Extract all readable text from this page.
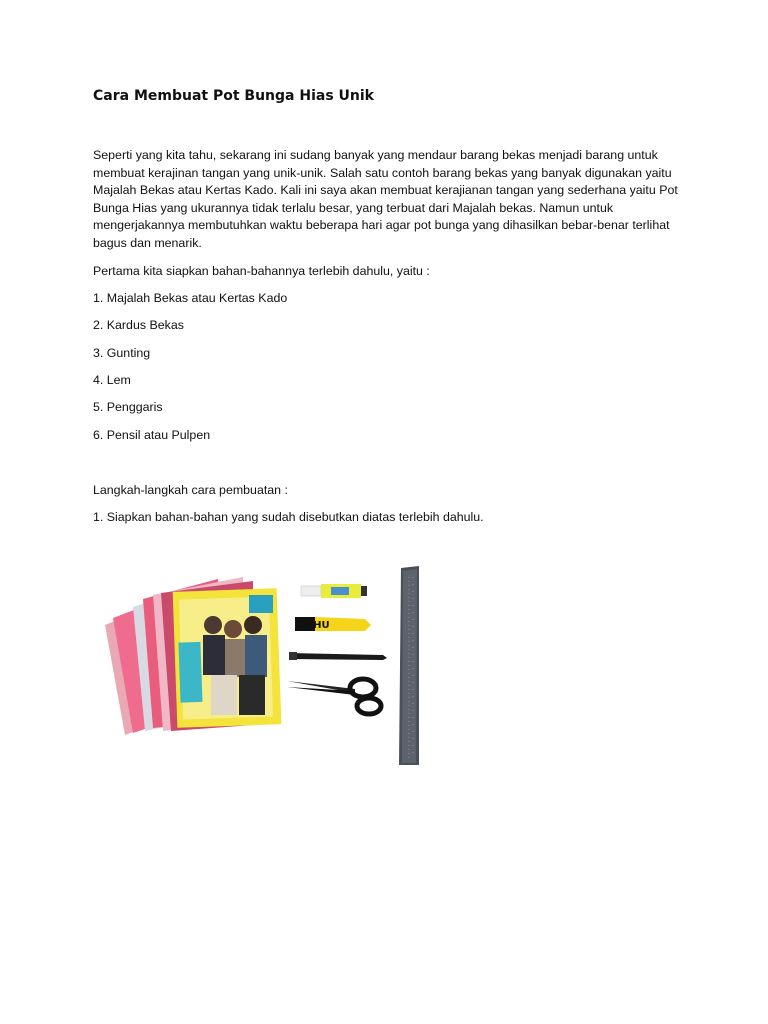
Cara Membuat Pot Bunga Hias Unik

Seperti yang kita tahu, sekarang ini sudang banyak yang mendaur barang bekas menjadi barang untuk membuat kerajinan tangan yang unik-unik. Salah satu contoh barang bekas yang banyak digunakan yaitu Majalah Bekas atau Kertas Kado. Kali ini saya akan membuat kerajianan tangan yang sederhana yaitu Pot Bunga Hias yang ukurannya tidak terlalu besar, yang terbuat dari Majalah bekas. Namun untuk mengerjakannya membutuhkan waktu beberapa hari agar pot bunga yang dihasilkan bebar-benar terlihat bagus dan menarik.

Pertama kita siapkan bahan-bahannya terlebih dahulu, yaitu :

1. Majalah Bekas atau Kertas Kado

2. Kardus Bekas

3. Gunting

4. Lem

5. Penggaris

6. Pensil atau Pulpen

Langkah-langkah cara pembuatan :

1. Siapkan bahan-bahan yang sudah disebutkan diatas terlebih dahulu.

UHU
